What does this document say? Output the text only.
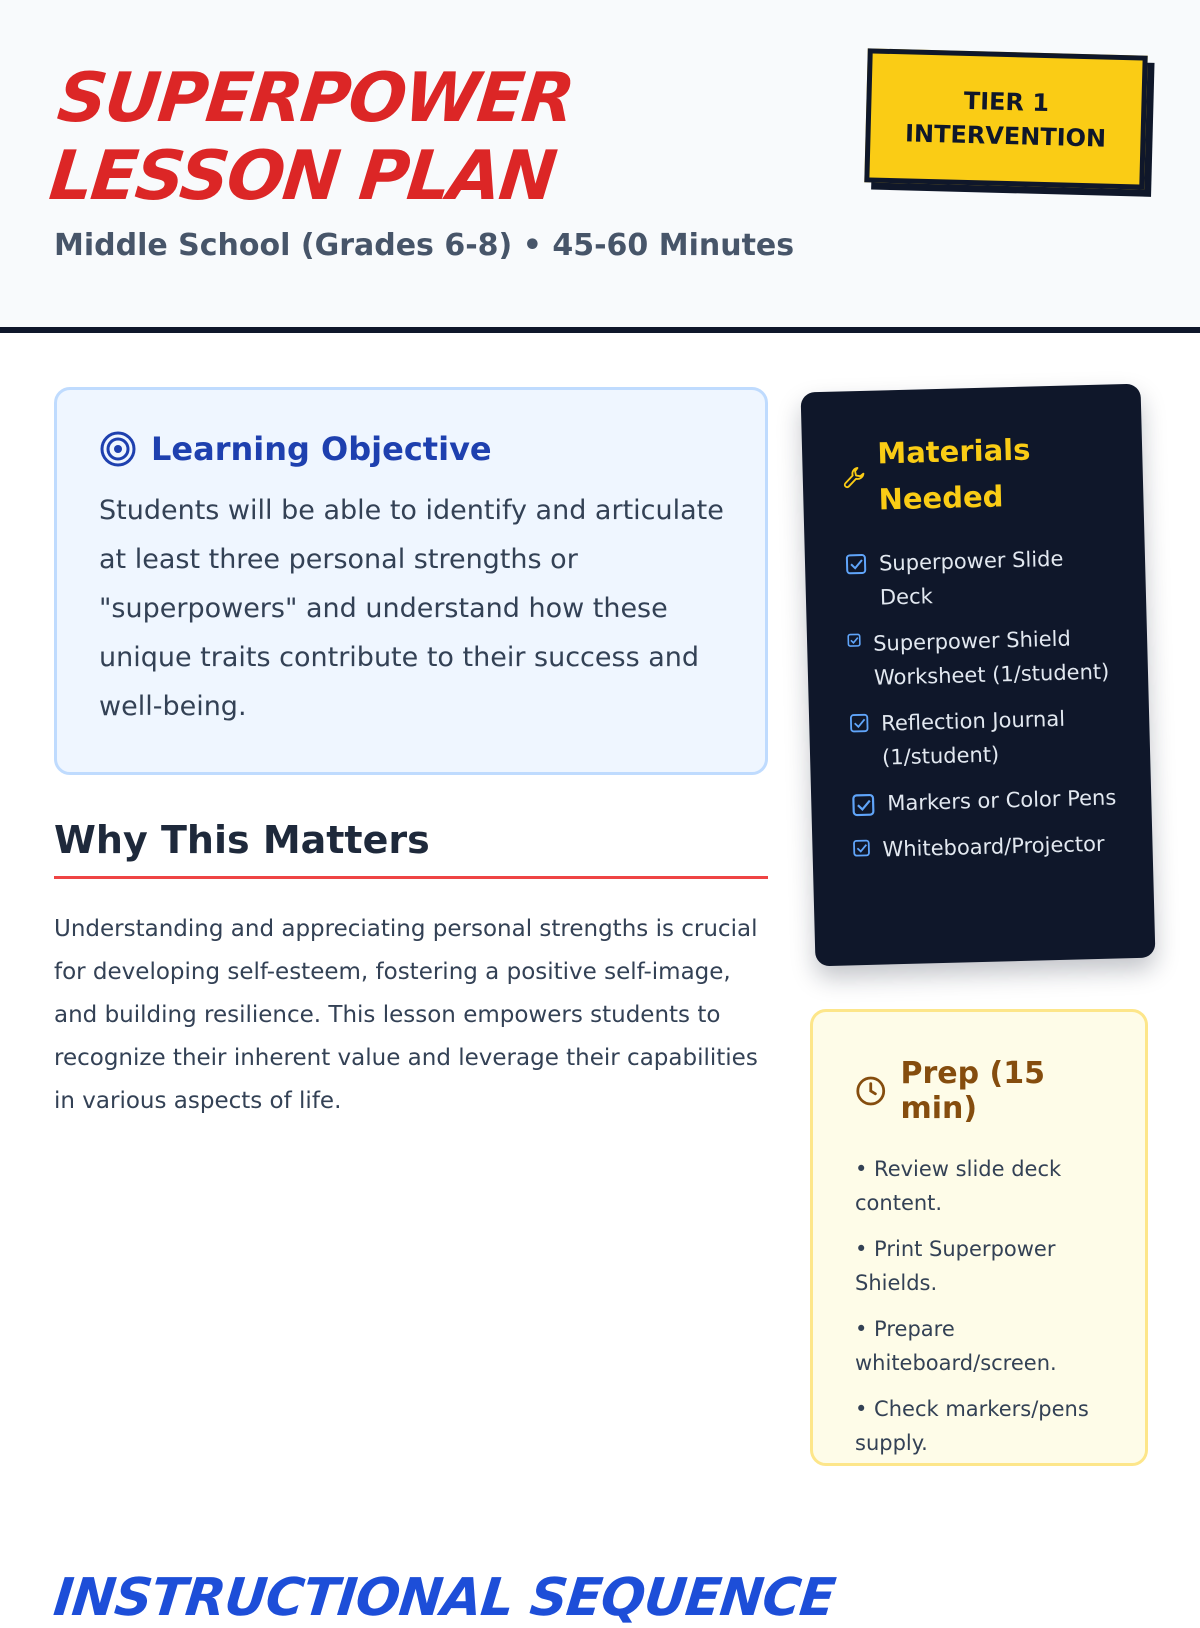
SUPERPOWER
LESSON PLAN

Middle School (Grades 6-8) • 45-60 Minutes

TIER 1
INTERVENTION
Learning Objective

Students will be able to identify and articulate at least three personal strengths or "superpowers" and understand how these unique traits contribute to their success and well-being.

Why This Matters

Understanding and appreciating personal strengths is crucial for developing self-esteem, fostering a positive self-image, and building resilience. This lesson empowers students to recognize their inherent value and leverage their capabilities in various aspects of life.

Materials Needed
Superpower Slide Deck
Superpower Shield Worksheet (1/student)
Reflection Journal (1/student)
Markers or Color Pens
Whiteboard/Projector
Prep (15 min)
• Review slide deck content.
• Print Superpower Shields.
• Prepare whiteboard/screen.
• Check markers/pens supply.
INSTRUCTIONAL SEQUENCE
